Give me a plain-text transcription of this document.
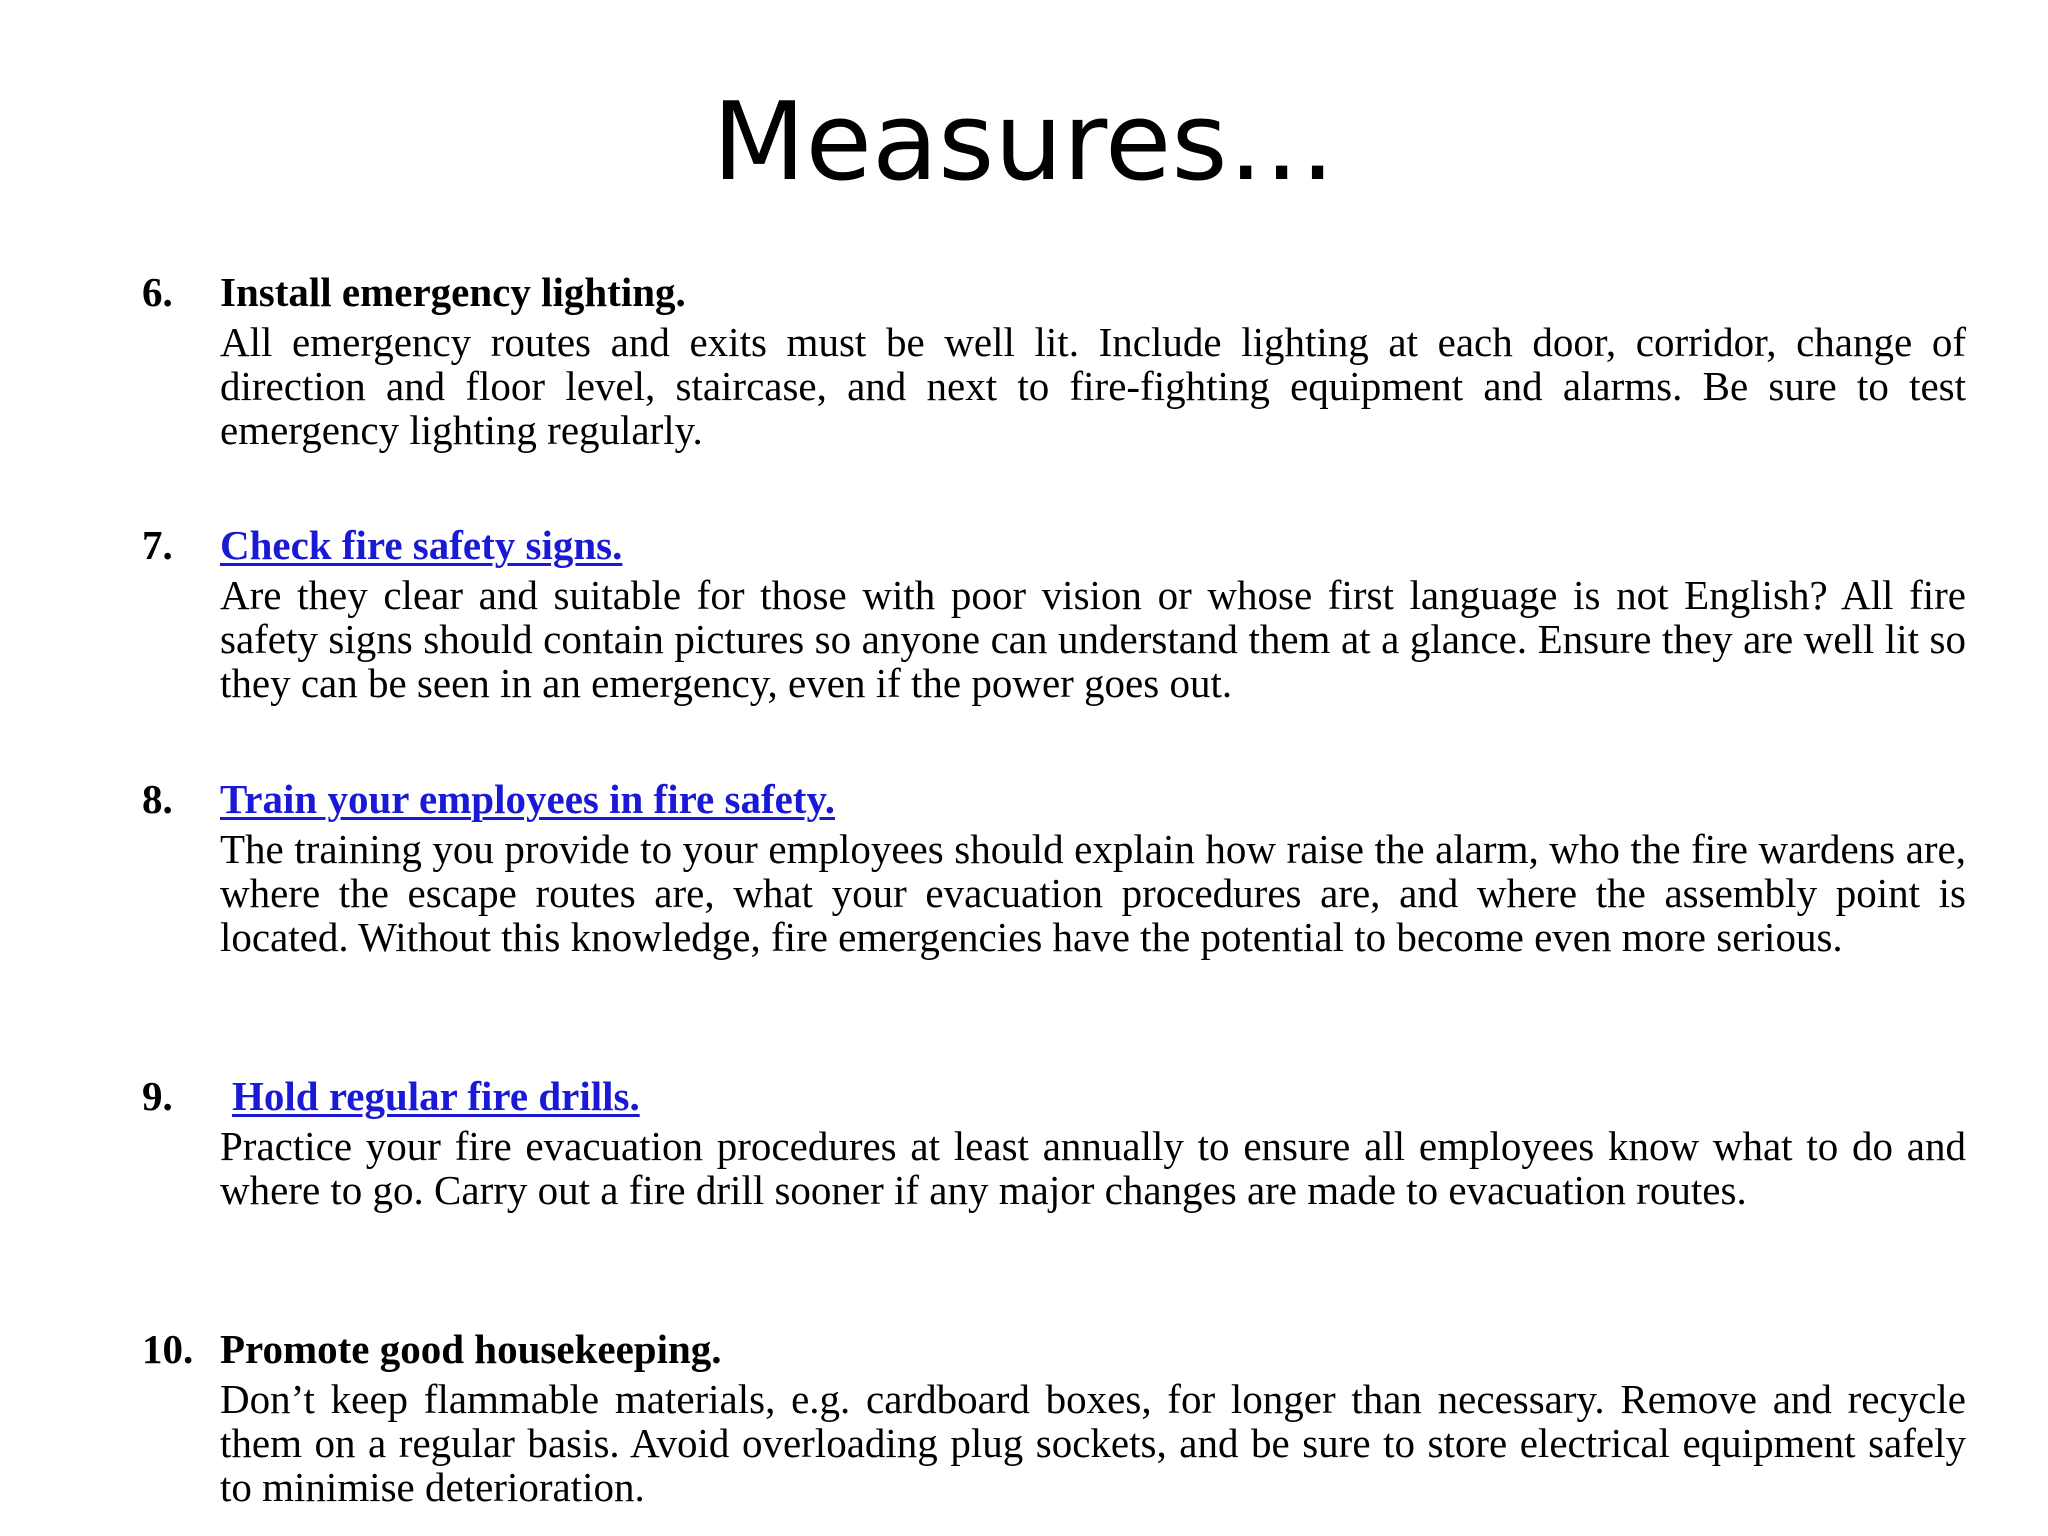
Measures…
6. Install emergency lighting.

All emergency routes and exits must be well lit. Include lighting at each door, corridor, change of direction and floor level, staircase, and next to fire-fighting equipment and alarms. Be sure to test emergency lighting regularly.

7. Check fire safety signs.

Are they clear and suitable for those with poor vision or whose first language is not English? All fire safety signs should contain pictures so anyone can understand them at a glance. Ensure they are well lit so they can be seen in an emergency, even if the power goes out.

8. Train your employees in fire safety.

The training you provide to your employees should explain how raise the alarm, who the fire wardens are, where the escape routes are, what your evacuation procedures are, and where the assembly point is located. Without this knowledge, fire emergencies have the potential to become even more serious.

9. Hold regular fire drills.

Practice your fire evacuation procedures at least annually to ensure all employees know what to do and where to go. Carry out a fire drill sooner if any major changes are made to evacuation routes.

10. Promote good housekeeping.

Don’t keep flammable materials, e.g. cardboard boxes, for longer than necessary. Remove and recycle them on a regular basis. Avoid overloading plug sockets, and be sure to store electrical equipment safely to minimise deterioration.
